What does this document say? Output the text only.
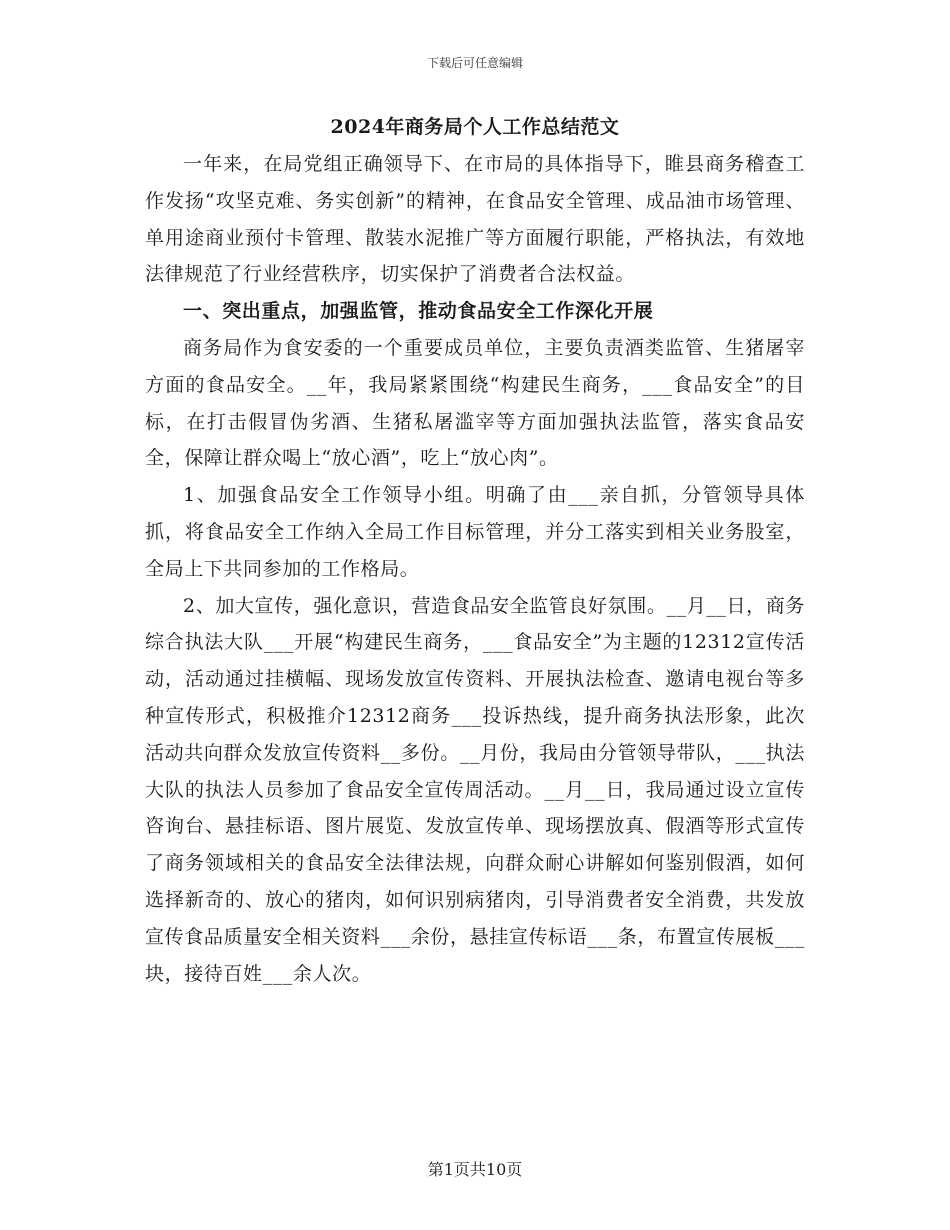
下载后可任意编辑

2024年商务局个人工作总结范文

一年来，在局党组正确领导下、在市局的具体指导下，睢县商务稽查工作发扬“攻坚克难、务实创新”的精神，在食品安全管理、成品油市场管理、单用途商业预付卡管理、散装水泥推广等方面履行职能，严格执法，有效地法律规范了行业经营秩序，切实保护了消费者合法权益。

一、突出重点，加强监管，推动食品安全工作深化开展

商务局作为食安委的一个重要成员单位，主要负责酒类监管、生猪屠宰方面的食品安全。__年，我局紧紧围绕“构建民生商务，___食品安全”的目标，在打击假冒伪劣酒、生猪私屠滥宰等方面加强执法监管，落实食品安全，保障让群众喝上“放心酒”，吃上“放心肉”。

1、加强食品安全工作领导小组。明确了由___亲自抓，分管领导具体抓，将食品安全工作纳入全局工作目标管理，并分工落实到相关业务股室，全局上下共同参加的工作格局。

2、加大宣传，强化意识，营造食品安全监管良好氛围。__月__日，商务综合执法大队___开展“构建民生商务，___食品安全”为主题的12312宣传活动，活动通过挂横幅、现场发放宣传资料、开展执法检查、邀请电视台等多种宣传形式，积极推介12312商务___投诉热线，提升商务执法形象，此次活动共向群众发放宣传资料__多份。__月份，我局由分管领导带队，___执法大队的执法人员参加了食品安全宣传周活动。__月__日，我局通过设立宣传咨询台、悬挂标语、图片展览、发放宣传单、现场摆放真、假酒等形式宣传了商务领域相关的食品安全法律法规，向群众耐心讲解如何鉴别假酒，如何选择新奇的、放心的猪肉，如何识别病猪肉，引导消费者安全消费，共发放宣传食品质量安全相关资料___余份，悬挂宣传标语___条，布置宣传展板___块，接待百姓___余人次。

第1页共10页
